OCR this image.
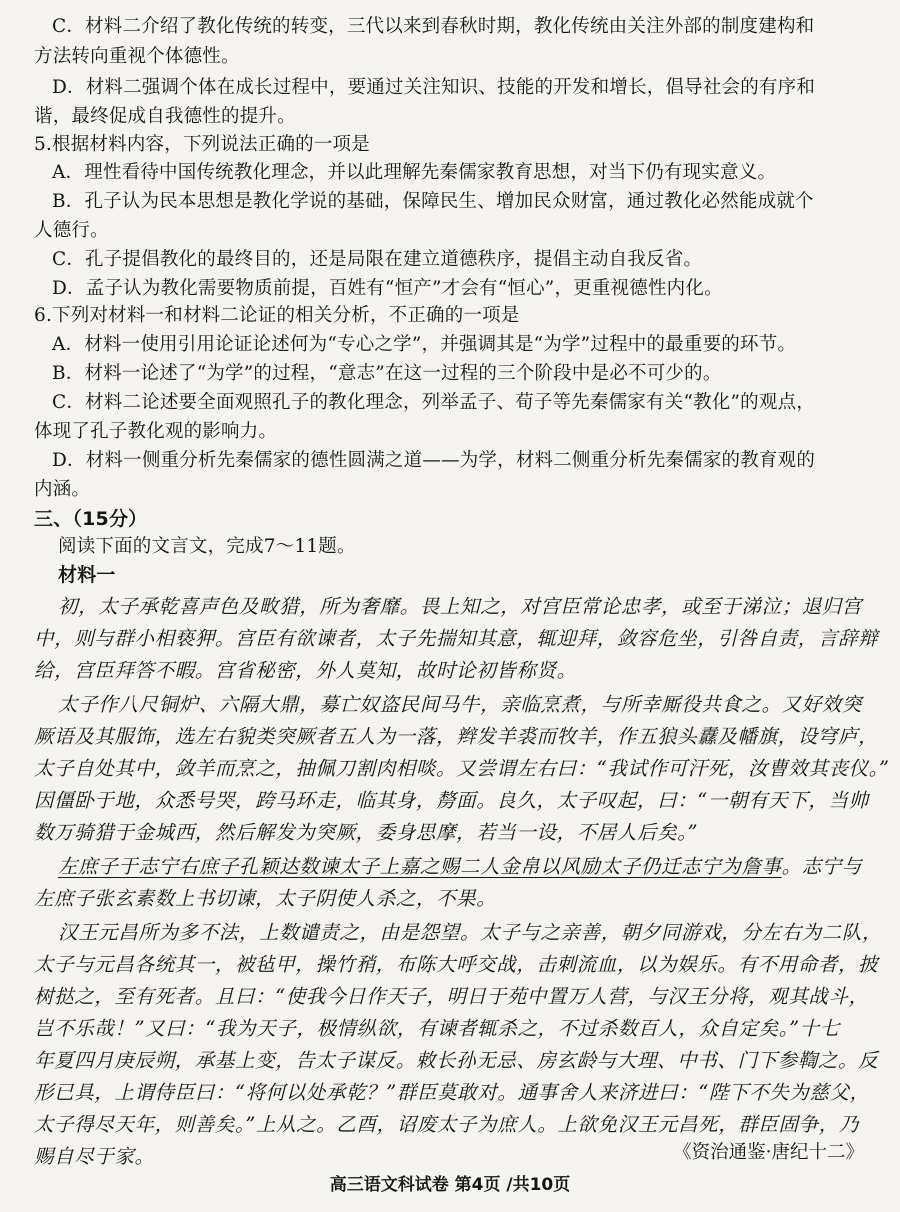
C．材料二介绍了教化传统的转变，三代以来到春秋时期，教化传统由关注外部的制度建构和
方法转向重视个体德性。
D．材料二强调个体在成长过程中，要通过关注知识、技能的开发和增长，倡导社会的有序和
谐，最终促成自我德性的提升。
5.根据材料内容，下列说法正确的一项是
A．理性看待中国传统教化理念，并以此理解先秦儒家教育思想，对当下仍有现实意义。
B．孔子认为民本思想是教化学说的基础，保障民生、增加民众财富，通过教化必然能成就个
人德行。
C．孔子提倡教化的最终目的，还是局限在建立道德秩序，提倡主动自我反省。
D．孟子认为教化需要物质前提，百姓有“恒产”才会有“恒心”，更重视德性内化。
6.下列对材料一和材料二论证的相关分析，不正确的一项是
A．材料一使用引用论证论述何为“专心之学”，并强调其是“为学”过程中的最重要的环节。
B．材料一论述了“为学”的过程，“意志”在这一过程的三个阶段中是必不可少的。
C．材料二论述要全面观照孔子的教化理念，列举孟子、荀子等先秦儒家有关“教化”的观点，
体现了孔子教化观的影响力。
D．材料一侧重分析先秦儒家的德性圆满之道——为学，材料二侧重分析先秦儒家的教育观的
内涵。
三、（15分）
阅读下面的文言文，完成7～11题。
材料一
初，太子承乾喜声色及畋猎，所为奢靡。畏上知之，对宫臣常论忠孝，或至于涕泣；退归宫
中，则与群小相亵狎。宫臣有欲谏者，太子先揣知其意，辄迎拜，敛容危坐，引咎自责，言辞辩
给，宫臣拜答不暇。宫省秘密，外人莫知，故时论初皆称贤。
太子作八尺铜炉、六隔大鼎，募亡奴盗民间马牛，亲临烹煮，与所幸厮役共食之。又好效突
厥语及其服饰，选左右貌类突厥者五人为一落，辫发羊裘而牧羊，作五狼头纛及幡旗，设穹庐，
太子自处其中，敛羊而烹之，抽佩刀割肉相啖。又尝谓左右曰：“我试作可汗死，汝曹效其丧仪。”
因僵卧于地，众悉号哭，跨马环走，临其身，剺面。良久，太子叹起，曰：“一朝有天下，当帅
数万骑猎于金城西，然后解发为突厥，委身思摩，若当一设，不居人后矣。”
左庶子于志宁右庶子孔颖达数谏太子上嘉之赐二人金帛以风励太子仍迁志宁为詹事。志宁与
左庶子张玄素数上书切谏，太子阴使人杀之，不果。
汉王元昌所为多不法，上数谴责之，由是怨望。太子与之亲善，朝夕同游戏，分左右为二队，
太子与元昌各统其一，被毡甲，操竹矟，布陈大呼交战，击刺流血，以为娱乐。有不用命者，披
树挞之，至有死者。且曰：“使我今日作天子，明日于苑中置万人营，与汉王分将，观其战斗，
岂不乐哉！”又曰：“我为天子，极情纵欲，有谏者辄杀之，不过杀数百人，众自定矣。”十七
年夏四月庚辰朔，承基上变，告太子谋反。敕长孙无忌、房玄龄与大理、中书、门下参鞫之。反
形已具，上谓侍臣曰：“将何以处承乾？”群臣莫敢对。通事舍人来济进曰：“陛下不失为慈父，
太子得尽天年，则善矣。”上从之。乙酉，诏废太子为庶人。上欲免汉王元昌死，群臣固争，乃
赐自尽于家。	《资治通鉴·唐纪十二》
高三语文科试卷 第4页 /共10页
